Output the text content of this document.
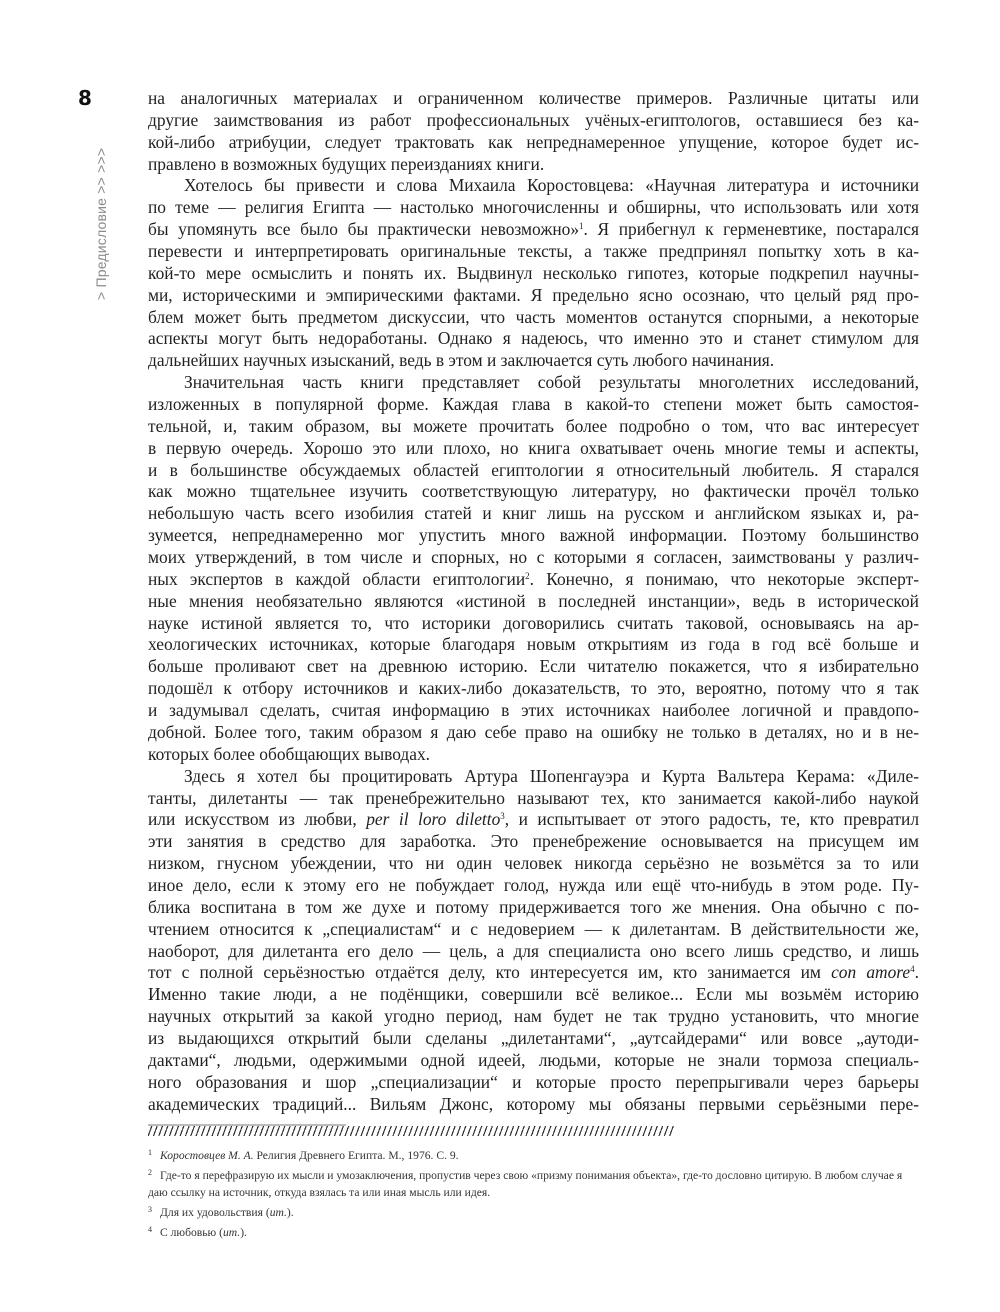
8
> Предисловие >> >>>
на аналогичных материалах и ограниченном количестве примеров. Различные цитаты или
другие заимствования из работ профессиональных учёных-египтологов, оставшиеся без ка-
кой-либо атрибуции, следует трактовать как непреднамеренное упущение, которое будет ис-
правлено в возможных будущих переизданиях книги.
Хотелось бы привести и слова Михаила Коростовцева: «Научная литература и источники
по теме — религия Египта — настолько многочисленны и обширны, что использовать или хотя
бы упомянуть все было бы практически невозможно»$^1$. Я прибегнул к герменевтике, постарался
перевести и интерпретировать оригинальные тексты, а также предпринял попытку хоть в ка-
кой-то мере осмыслить и понять их. Выдвинул несколько гипотез, которые подкрепил научны-
ми, историческими и эмпирическими фактами. Я предельно ясно осознаю, что целый ряд про-
блем может быть предметом дискуссии, что часть моментов останутся спорными, а некоторые
аспекты могут быть недоработаны. Однако я надеюсь, что именно это и станет стимулом для
дальнейших научных изысканий, ведь в этом и заключается суть любого начинания.
Значительная часть книги представляет собой результаты многолетних исследований,
изложенных в популярной форме. Каждая глава в какой-то степени может быть самостоя-
тельной, и, таким образом, вы можете прочитать более подробно о том, что вас интересует
в первую очередь. Хорошо это или плохо, но книга охватывает очень многие темы и аспекты,
и в большинстве обсуждаемых областей египтологии я относительный любитель. Я старался
как можно тщательнее изучить соответствующую литературу, но фактически прочёл только
небольшую часть всего изобилия статей и книг лишь на русском и английском языках и, ра-
зумеется, непреднамеренно мог упустить много важной информации. Поэтому большинство
моих утверждений, в том числе и спорных, но с которыми я согласен, заимствованы у различ-
ных экспертов в каждой области египтологии$^2$. Конечно, я понимаю, что некоторые эксперт-
ные мнения необязательно являются «истиной в последней инстанции», ведь в исторической
науке истиной является то, что историки договорились считать таковой, основываясь на ар-
хеологических источниках, которые благодаря новым открытиям из года в год всё больше и
больше проливают свет на древнюю историю. Если читателю покажется, что я избирательно
подошёл к отбору источников и каких-либо доказательств, то это, вероятно, потому что я так
и задумывал сделать, считая информацию в этих источниках наиболее логичной и правдопо-
добной. Более того, таким образом я даю себе право на ошибку не только в деталях, но и в не-
которых более обобщающих выводах.
Здесь я хотел бы процитировать Артура Шопенгауэра и Курта Вальтера Керама: «Диле-
танты, дилетанты — так пренебрежительно называют тех, кто занимается какой-либо наукой
или искусством из любви, per il loro diletto$^3$, и испытывает от этого радость, те, кто превратил
эти занятия в средство для заработка. Это пренебрежение основывается на присущем им
низком, гнусном убеждении, что ни один человек никогда серьёзно не возьмётся за то или
иное дело, если к этому его не побуждает голод, нужда или ещё что-нибудь в этом роде. Пу-
блика воспитана в том же духе и потому придерживается того же мнения. Она обычно с по-
чтением относится к „специалистам“ и с недоверием — к дилетантам. В действительности же,
наоборот, для дилетанта его дело — цель, а для специалиста оно всего лишь средство, и лишь
тот с полной серьёзностью отдаётся делу, кто интересуется им, кто занимается им con amore$^4$.
Именно такие люди, а не подёнщики, совершили всё великое... Если мы возьмём историю
научных открытий за какой угодно период, нам будет не так трудно установить, что многие
из выдающихся открытий были сделаны „дилетантами“, „аутсайдерами“ или вовсе „аутоди-
дактами“, людьми, одержимыми одной идеей, людьми, которые не знали тормоза специаль-
ного образования и шор „специализации“ и которые просто перепрыгивали через барьеры
академических традиций... Вильям Джонс, которому мы обязаны первыми серьёзными пере-
$^1$ Коростовцев М. А. Религия Древнего Египта. М., 1976. С. 9.
$^2$ Где-то я перефразирую их мысли и умозаключения, пропустив через свою «призму понимания объекта», где-то дословно цитирую. В любом случае я даю ссылку на источник, откуда взялась та или иная мысль или идея.
$^3$ Для их удовольствия (ит.).
$^4$ С любовью (ит.).
